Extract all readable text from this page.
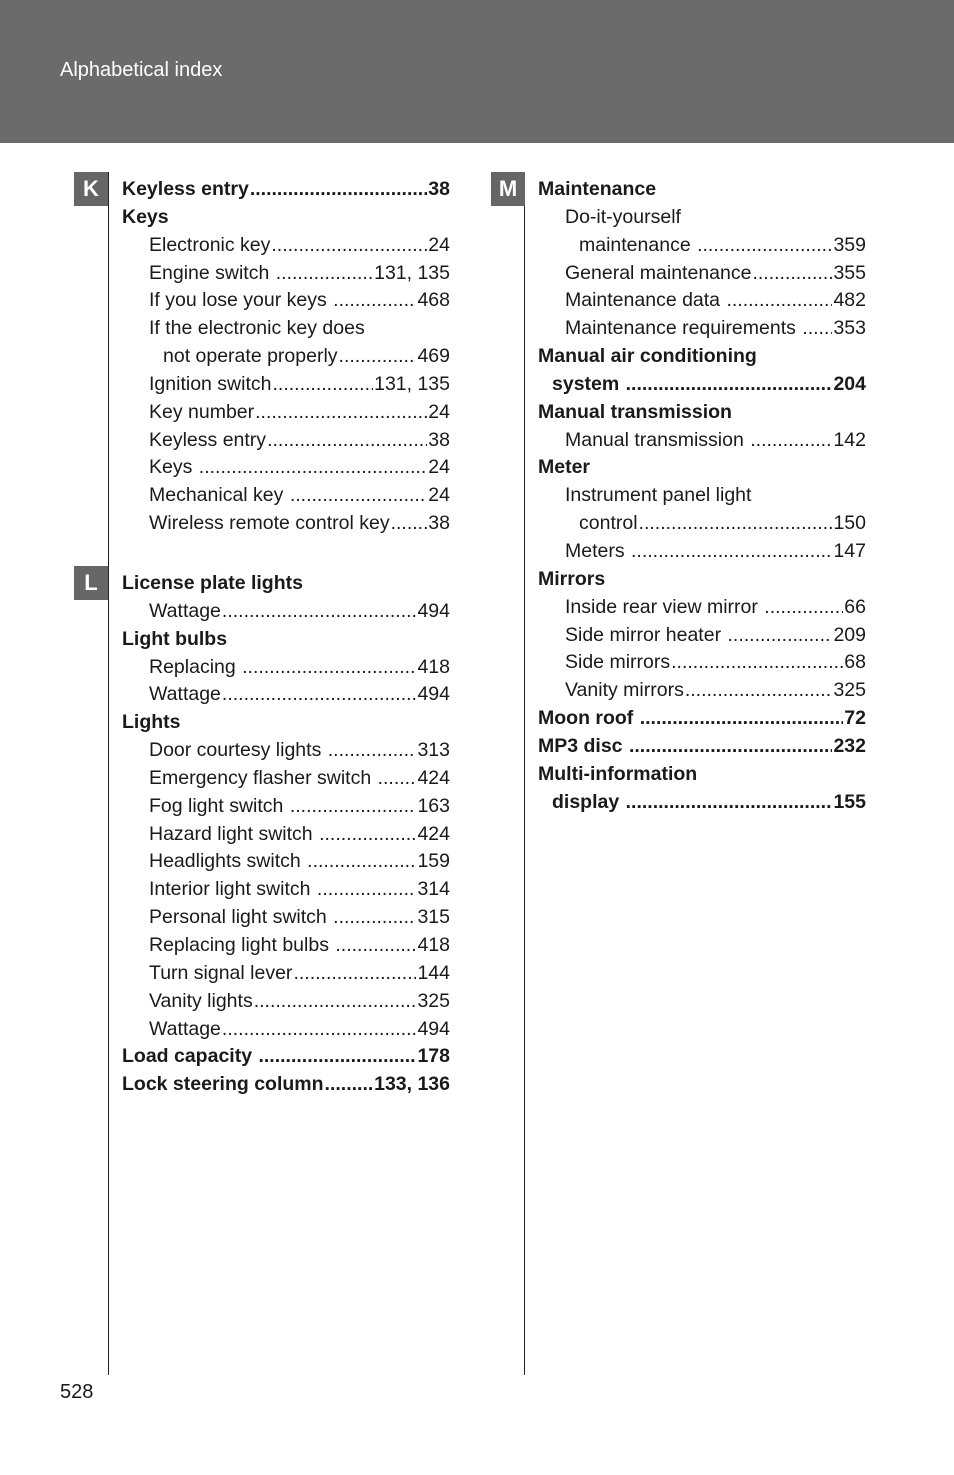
Alphabetical index
K
L
M
Keyless entry .....	38
Keys
Electronic key .....	24
Engine switch .....	131, 135
If you lose your keys .....	468
If the electronic key does
not operate properly .....	469
Ignition switch .....	131, 135
Key number .....	24
Keyless entry .....	38
Keys .....	24
Mechanical key .....	24
Wireless remote control key ..... 38
License plate lights
Wattage .....	494
Light bulbs
Replacing .....	418
Wattage .....	494
Lights
Door courtesy lights .....	313
Emergency flasher switch ..... 424
Fog light switch .....	163
Hazard light switch .....	424
Headlights switch .....	159
Interior light switch .....	314
Personal light switch .....	315
Replacing light bulbs .....	418
Turn signal lever .....	144
Vanity lights .....	325
Wattage .....	494
Load capacity .....	178
Lock steering column .....	133, 136
Maintenance
Do-it-yourself
maintenance .....	359
General maintenance .....	355
Maintenance data .....	482
Maintenance requirements ..... 353
Manual air conditioning
system .....	204
Manual transmission
Manual transmission .....	142
Meter
Instrument panel light
control .....	150
Meters .....	147
Mirrors
Inside rear view mirror .....	66
Side mirror heater .....	209
Side mirrors .....	68
Vanity mirrors .....	325
Moon roof .....	72
MP3 disc .....	232
Multi-information
display .....	155
528
